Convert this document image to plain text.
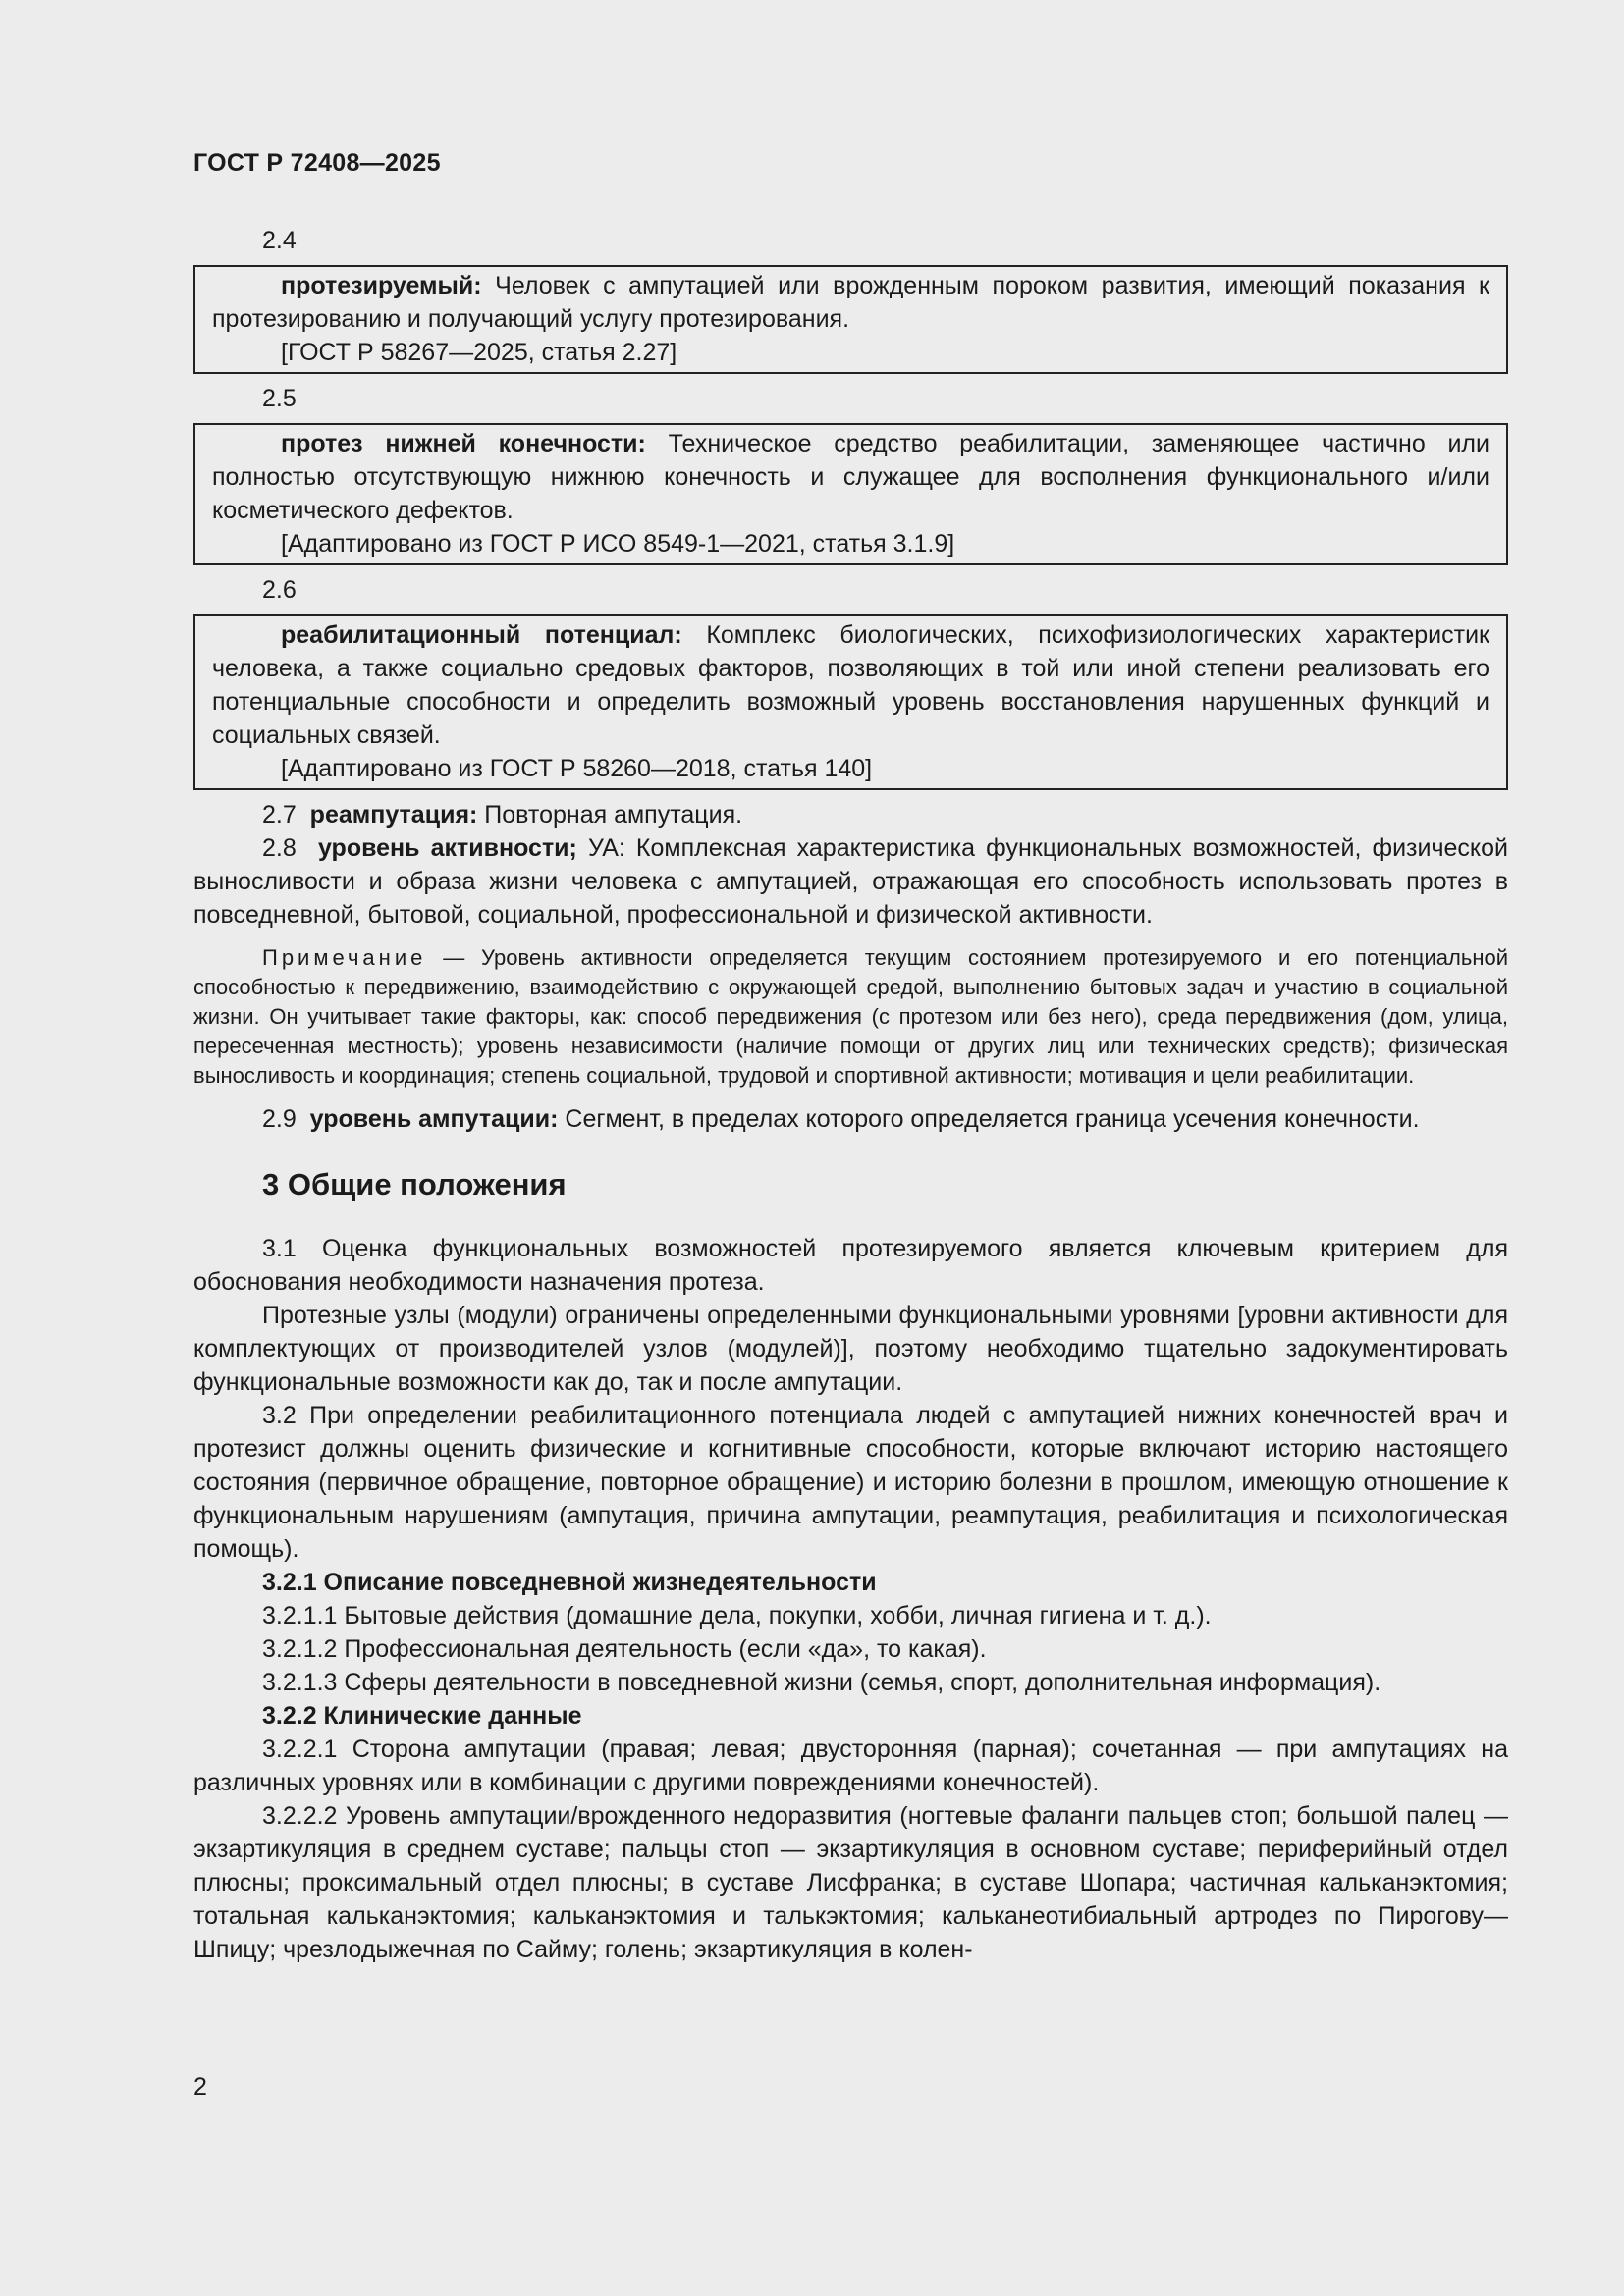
ГОСТ Р 72408—2025
2.4

протезируемый: Человек с ампутацией или врожденным пороком развития, имеющий показания к протезированию и получающий услугу протезирования.

[ГОСТ Р 58267—2025, статья 2.27]

2.5

протез нижней конечности: Техническое средство реабилитации, заменяющее частично или полностью отсутствующую нижнюю конечность и служащее для восполнения функционального и/или косметического дефектов.

[Адаптировано из ГОСТ Р ИСО 8549-1—2021, статья 3.1.9]

2.6

реабилитационный потенциал: Комплекс биологических, психофизиологических характеристик человека, а также социально средовых факторов, позволяющих в той или иной степени реализовать его потенциальные способности и определить возможный уровень восстановления нарушенных функций и социальных связей.

[Адаптировано из ГОСТ Р 58260—2018, статья 140]

2.7 реампутация: Повторная ампутация.

2.8 уровень активности; УА: Комплексная характеристика функциональных возможностей, физической выносливости и образа жизни человека с ампутацией, отражающая его способность использовать протез в повседневной, бытовой, социальной, профессиональной и физической активности.

Примечание — Уровень активности определяется текущим состоянием протезируемого и его потенциальной способностью к передвижению, взаимодействию с окружающей средой, выполнению бытовых задач и участию в социальной жизни. Он учитывает такие факторы, как: способ передвижения (с протезом или без него), среда передвижения (дом, улица, пересеченная местность); уровень независимости (наличие помощи от других лиц или технических средств); физическая выносливость и координация; степень социальной, трудовой и спортивной активности; мотивация и цели реабилитации.

2.9 уровень ампутации: Сегмент, в пределах которого определяется граница усечения конечности.

3 Общие положения

3.1 Оценка функциональных возможностей протезируемого является ключевым критерием для обоснования необходимости назначения протеза.

Протезные узлы (модули) ограничены определенными функциональными уровнями [уровни активности для комплектующих от производителей узлов (модулей)], поэтому необходимо тщательно задокументировать функциональные возможности как до, так и после ампутации.

3.2 При определении реабилитационного потенциала людей с ампутацией нижних конечностей врач и протезист должны оценить физические и когнитивные способности, которые включают историю настоящего состояния (первичное обращение, повторное обращение) и историю болезни в прошлом, имеющую отношение к функциональным нарушениям (ампутация, причина ампутации, реампутация, реабилитация и психологическая помощь).

3.2.1 Описание повседневной жизнедеятельности

3.2.1.1 Бытовые действия (домашние дела, покупки, хобби, личная гигиена и т. д.).

3.2.1.2 Профессиональная деятельность (если «да», то какая).

3.2.1.3 Сферы деятельности в повседневной жизни (семья, спорт, дополнительная информация).

3.2.2 Клинические данные

3.2.2.1 Сторона ампутации (правая; левая; двусторонняя (парная); сочетанная — при ампутациях на различных уровнях или в комбинации с другими повреждениями конечностей).

3.2.2.2 Уровень ампутации/врожденного недоразвития (ногтевые фаланги пальцев стоп; большой палец — экзартикуляция в среднем суставе; пальцы стоп — экзартикуляция в основном суставе; периферийный отдел плюсны; проксимальный отдел плюсны; в суставе Лисфранка; в суставе Шопара; частичная кальканэктомия; тотальная кальканэктомия; кальканэктомия и талькэктомия; калькaнеотибиальный артродез по Пирогову—Шпицу; чрезлодыжечная по Сайму; голень; экзартикуляция в колен-

2
